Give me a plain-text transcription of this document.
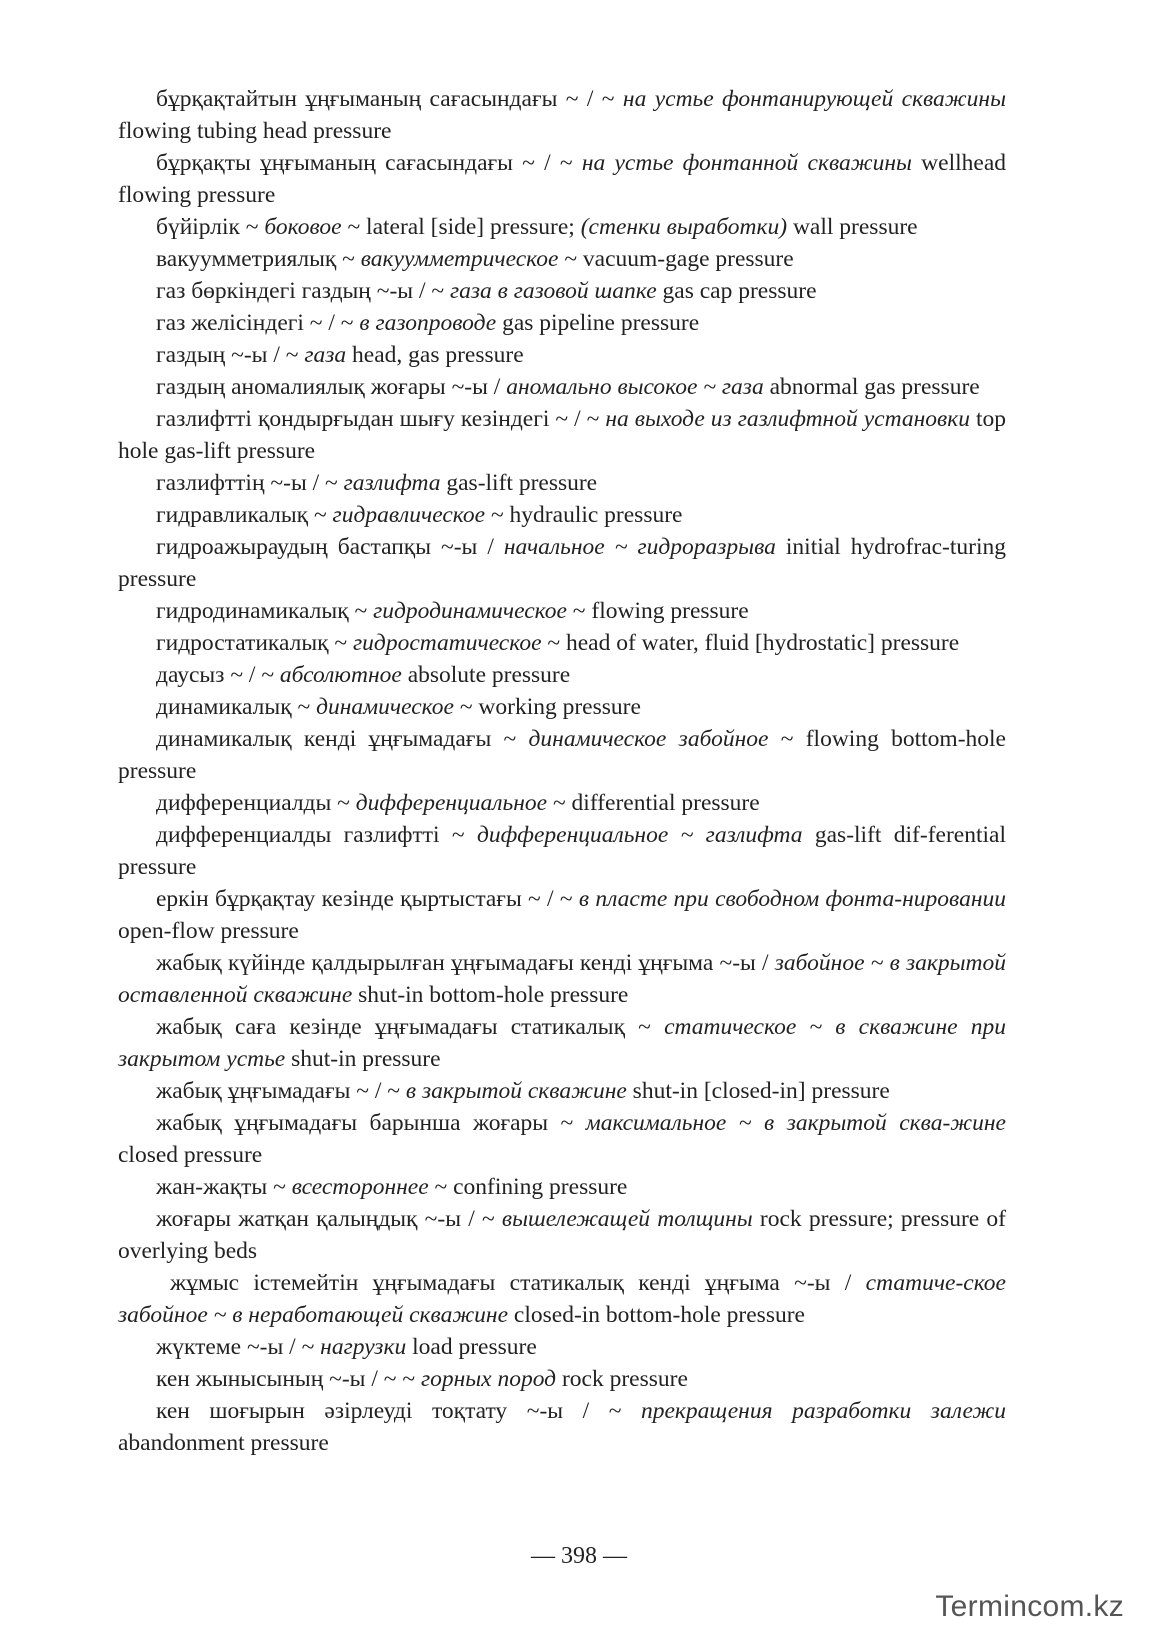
бұрқақтайтын ұңғыманың сағасындағы ~ / ~ на устье фонтанирующей скважины flowing tubing head pressure

бұрқақты ұңғыманың сағасындағы ~ / ~ на устье фонтанной скважины wellhead flowing pressure

бүйірлік ~ боковое ~ lateral [side] pressure; (стенки выработки) wall pressure

вакуумметриялық ~ вакуумметрическое ~ vacuum-gage pressure

газ бөркіндегі газдың ~-ы / ~ газа в газовой шапке gas cap pressure

газ желісіндегі ~ / ~ в газопроводе gas pipeline pressure

газдың ~-ы / ~ газа head, gas pressure

газдың аномалиялық жоғары ~-ы / аномально высокое ~ газа abnormal gas pressure

газлифтті қондырғыдан шығу кезіндегі ~ / ~ на выходе из газлифтной установки top hole gas-lift pressure

газлифттің ~-ы / ~ газлифта gas-lift pressure

гидравликалық ~ гидравлическое ~ hydraulic pressure

гидроажыраудың бастапқы ~-ы / начальное ~ гидроразрыва initial hydrofrac-turing pressure

гидродинамикалық ~ гидродинамическое ~ flowing pressure

гидростатикалық ~ гидростатическое ~ head of water, fluid [hydrostatic] pressure

даусыз ~ / ~ абсолютное absolute pressure

динамикалық ~ динамическое ~ working pressure

динамикалық кенді ұңғымадағы ~ динамическое забойное ~ flowing bottom-hole pressure

дифференциалды ~ дифференциальное ~ differential pressure

дифференциалды газлифтті ~ дифференциальное ~ газлифта gas-lift dif-ferential pressure

еркін бұрқақтау кезінде қыртыстағы ~ / ~ в пласте при свободном фонта-нировании open-flow pressure

жабық күйінде қалдырылған ұңғымадағы кенді ұңғыма ~-ы / забойное ~ в закрытой оставленной скважине shut-in bottom-hole pressure

жабық саға кезінде ұңғымадағы статикалық ~ статическое ~ в скважине при закрытом устье shut-in pressure

жабық ұңғымадағы ~ / ~ в закрытой скважине shut-in [closed-in] pressure

жабық ұңғымадағы барынша жоғары ~ максимальное ~ в закрытой сква-жине closed pressure

жан-жақты ~ всестороннее ~ confining pressure

жоғары жатқан қалыңдық ~-ы / ~ вышележащей толщины rock pressure; pressure of overlying beds

жұмыс істемейтін ұңғымадағы статикалық кенді ұңғыма ~-ы / статиче-ское забойное ~ в неработающей скважине closed-in bottom-hole pressure

жүктеме ~-ы / ~ нагрузки load pressure

кен жынысының ~-ы / ~ ~ горных пород rock pressure

кен шоғырын әзірлеуді тоқтату ~-ы / ~ прекращения разработки залежи abandonment pressure

— 398 —
Termincom.kz
